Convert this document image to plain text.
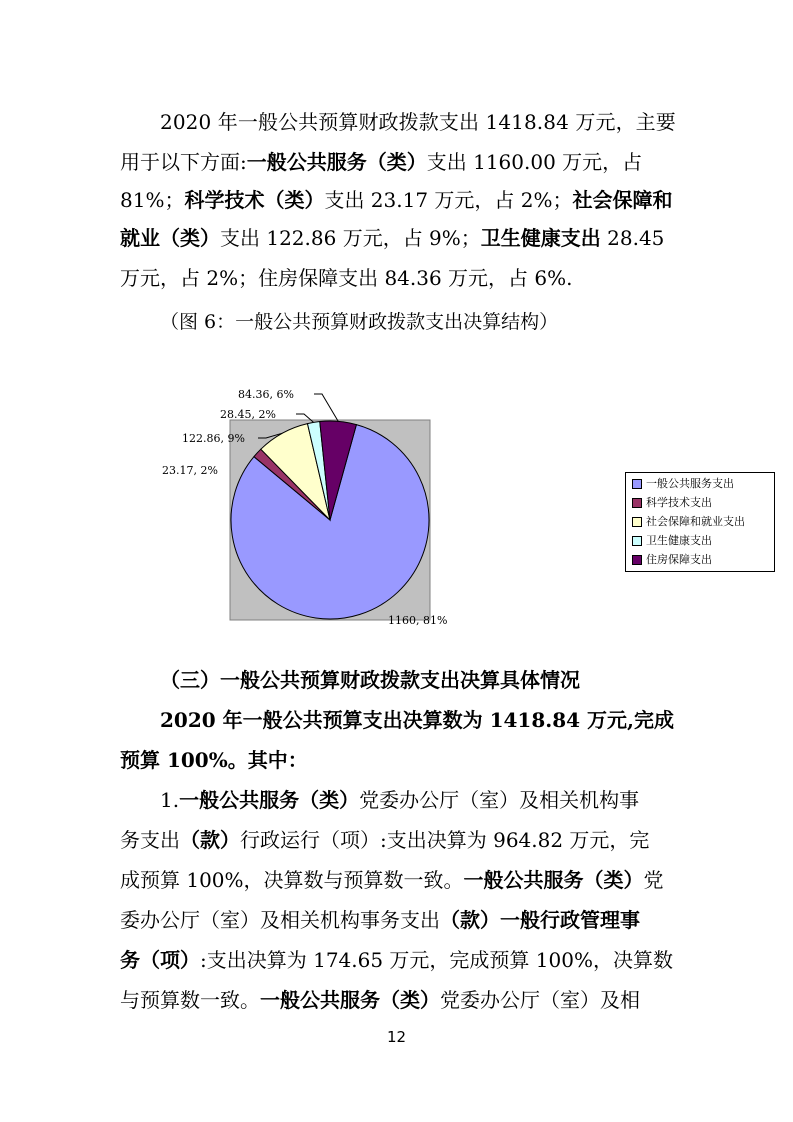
2020 年一般公共预算财政拨款支出 1418.84 万元，主要
用于以下方面:一般公共服务（类）支出 1160.00 万元，占
81%；科学技术（类）支出 23.17 万元，占 2%；社会保障和
就业（类）支出 122.86 万元，占 9%；卫生健康支出 28.45
万元，占 2%；住房保障支出 84.36 万元，占 6%.
（图 6：一般公共预算财政拨款支出决算结构）
1160, 81%
23.17, 2%
122.86, 9%
28.45, 2%
84.36, 6%
一般公共服务支出
科学技术支出
社会保障和就业支出
卫生健康支出
住房保障支出
（三）一般公共预算财政拨款支出决算具体情况
2020 年一般公共预算支出决算数为 1418.84 万元,完成
预算 100%。其中：
1.一般公共服务（类）党委办公厅（室）及相关机构事
务支出（款）行政运行（项）:支出决算为 964.82 万元，完
成预算 100%，决算数与预算数一致。一般公共服务（类）党
委办公厅（室）及相关机构事务支出（款）一般行政管理事
务（项）:支出决算为 174.65 万元，完成预算 100%，决算数
与预算数一致。一般公共服务（类）党委办公厅（室）及相
12
